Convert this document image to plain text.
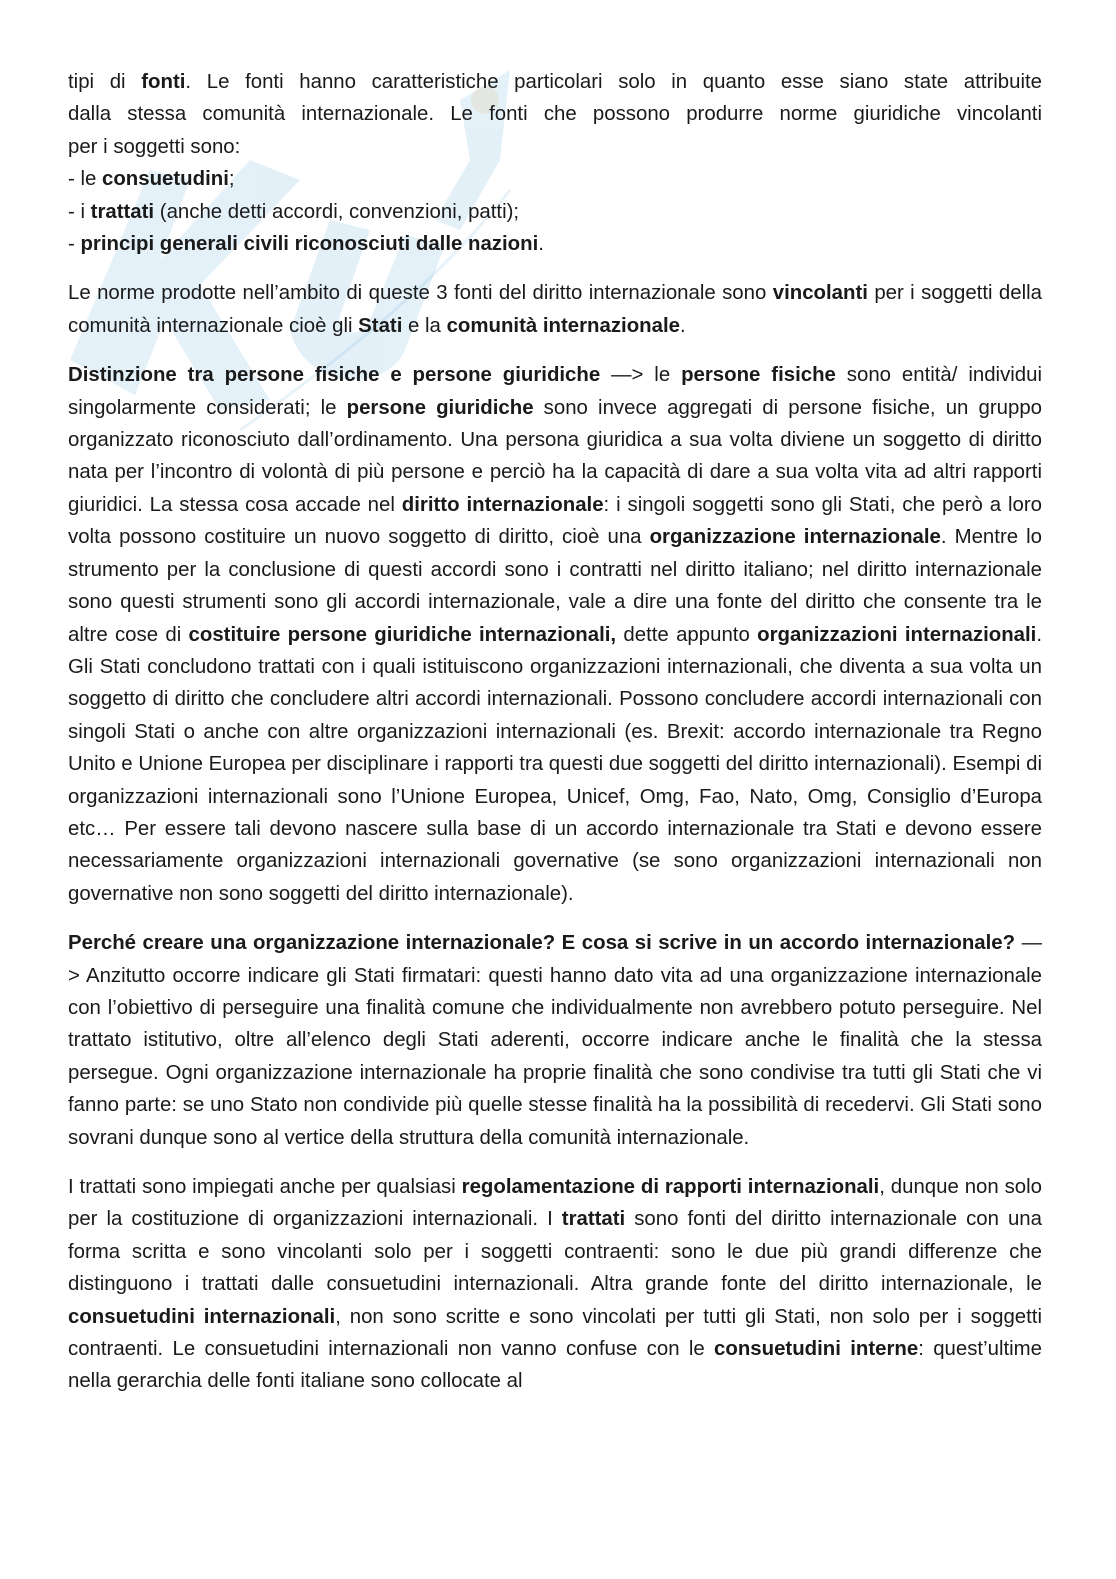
tipi di fonti. Le fonti hanno caratteristiche particolari solo in quanto esse siano state attribuite
dalla stessa comunità internazionale. Le fonti che possono produrre norme giuridiche vincolanti
per i soggetti sono:
- le consuetudini;
- i trattati (anche detti accordi, convenzioni, patti);
- principi generali civili riconosciuti dalle nazioni.

Le norme prodotte nell’ambito di queste 3 fonti del diritto internazionale sono vincolanti per i soggetti della comunità internazionale cioè gli Stati e la comunità internazionale.

Distinzione tra persone fisiche e persone giuridiche —> le persone fisiche sono entità/ individui singolarmente considerati; le persone giuridiche sono invece aggregati di persone fisiche, un gruppo organizzato riconosciuto dall’ordinamento. Una persona giuridica a sua volta diviene un soggetto di diritto nata per l’incontro di volontà di più persone e perciò ha la capacità di dare a sua volta vita ad altri rapporti giuridici. La stessa cosa accade nel diritto internazionale: i singoli soggetti sono gli Stati, che però a loro volta possono costituire un nuovo soggetto di diritto, cioè una organizzazione internazionale. Mentre lo strumento per la conclusione di questi accordi sono i contratti nel diritto italiano; nel diritto internazionale sono questi strumenti sono gli accordi internazionale, vale a dire una fonte del diritto che consente tra le altre cose di costituire persone giuridiche internazionali, dette appunto organizzazioni internazionali. Gli Stati concludono trattati con i quali istituiscono organizzazioni internazionali, che diventa a sua volta un soggetto di diritto che concludere altri accordi internazionali. Possono concludere accordi internazionali con singoli Stati o anche con altre organizzazioni internazionali (es. Brexit: accordo internazionale tra Regno Unito e Unione Europea per disciplinare i rapporti tra questi due soggetti del diritto internazionali). Esempi di organizzazioni internazionali sono l’Unione Europea, Unicef, Omg, Fao, Nato, Omg, Consiglio d’Europa etc… Per essere tali devono nascere sulla base di un accordo internazionale tra Stati e devono essere necessariamente organizzazioni internazionali governative (se sono organizzazioni internazionali non governative non sono soggetti del diritto internazionale).

Perché creare una organizzazione internazionale? E cosa si scrive in un accordo internazionale? —> Anzitutto occorre indicare gli Stati firmatari: questi hanno dato vita ad una organizzazione internazionale con l’obiettivo di perseguire una finalità comune che individualmente non avrebbero potuto perseguire. Nel trattato istitutivo, oltre all’elenco degli Stati aderenti, occorre indicare anche le finalità che la stessa persegue. Ogni organizzazione internazionale ha proprie finalità che sono condivise tra tutti gli Stati che vi fanno parte: se uno Stato non condivide più quelle stesse finalità ha la possibilità di recedervi. Gli Stati sono sovrani dunque sono al vertice della struttura della comunità internazionale.

I trattati sono impiegati anche per qualsiasi regolamentazione di rapporti internazionali, dunque non solo per la costituzione di organizzazioni internazionali. I trattati sono fonti del diritto internazionale con una forma scritta e sono vincolanti solo per i soggetti contraenti: sono le due più grandi differenze che distinguono i trattati dalle consuetudini internazionali. Altra grande fonte del diritto internazionale, le consuetudini internazionali, non sono scritte e sono vincolati per tutti gli Stati, non solo per i soggetti contraenti. Le consuetudini internazionali non vanno confuse con le consuetudini interne: quest’ultime nella gerarchia delle fonti italiane sono collocate al
